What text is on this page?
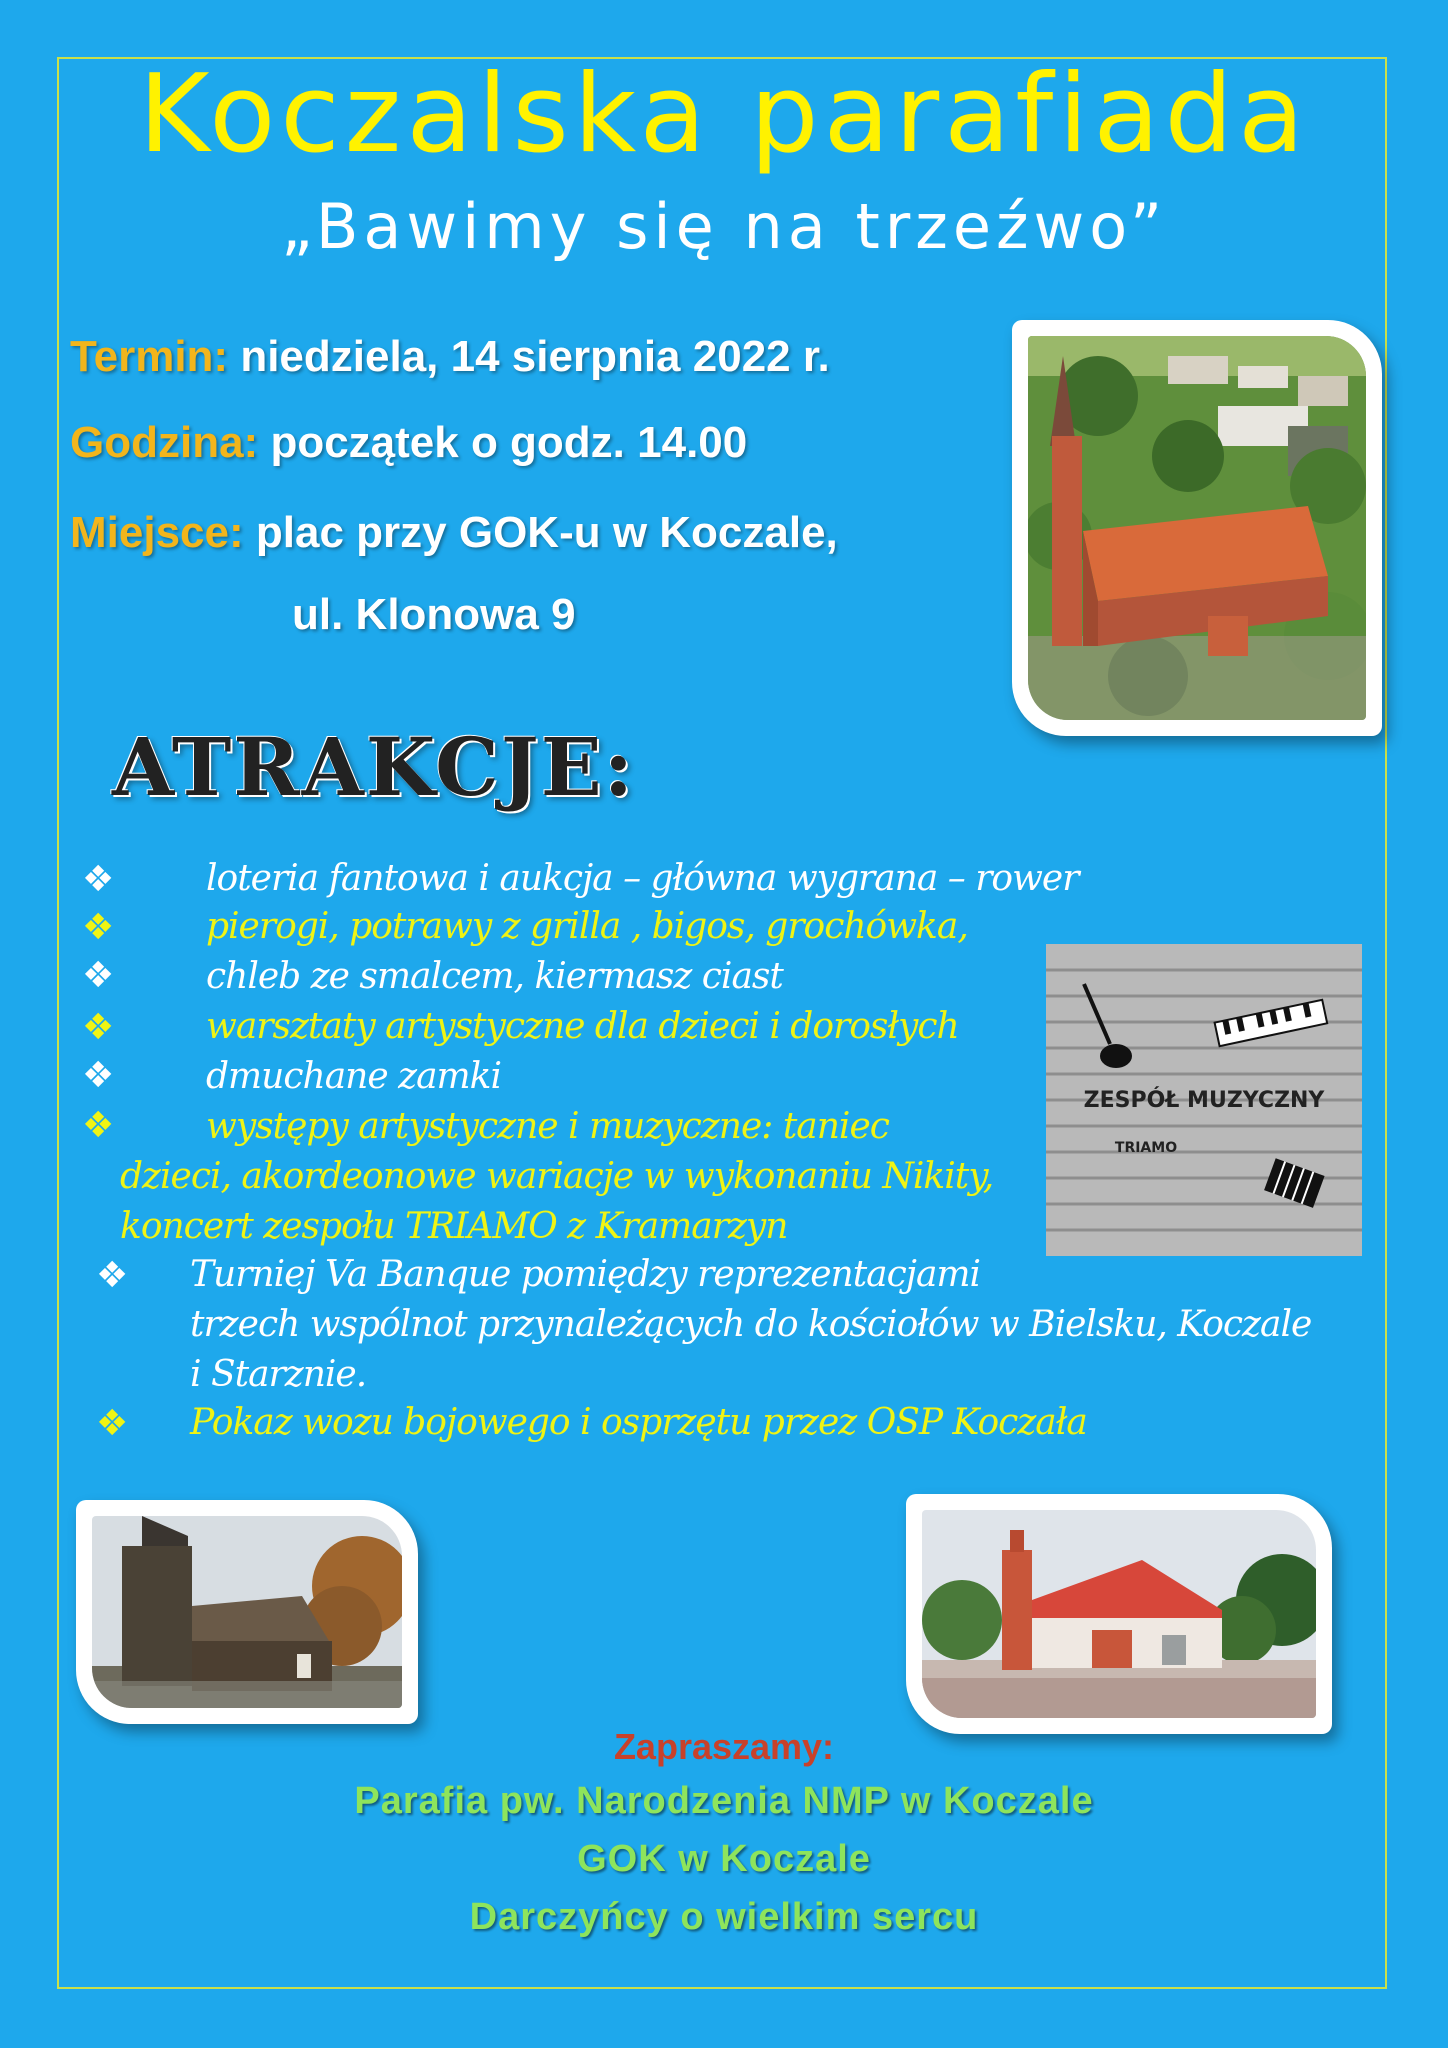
Koczalska parafiada
„Bawimy się na trzeźwo”
Termin: niedziela, 14 sierpnia 2022 r.
Godzina: początek o godz. 14.00
Miejsce: plac przy GOK-u w Koczale,
ul. Klonowa 9
ATRAKCJE:
❖	loteria fantowa i aukcja – główna wygrana – rower
❖	pierogi, potrawy z grilla , bigos, grochówka,
❖	chleb ze smalcem, kiermasz ciast
❖	warsztaty artystyczne dla dzieci i dorosłych
❖	dmuchane zamki
❖	występy artystyczne i muzyczne: taniec
dzieci, akordeonowe wariacje w wykonaniu Nikity,
koncert zespołu TRIAMO z Kramarzyn
❖ Turniej Va Banque pomiędzy reprezentacjami
trzech wspólnot przynależących do kościołów w Bielsku, Koczale
i Starznie.
❖ Pokaz wozu bojowego i osprzętu przez OSP Koczała
ZESPÓŁ MUZYCZNY
TRIAMO
Zapraszamy:
Parafia pw. Narodzenia NMP w Koczale
GOK w Koczale
Darczyńcy o wielkim sercu
